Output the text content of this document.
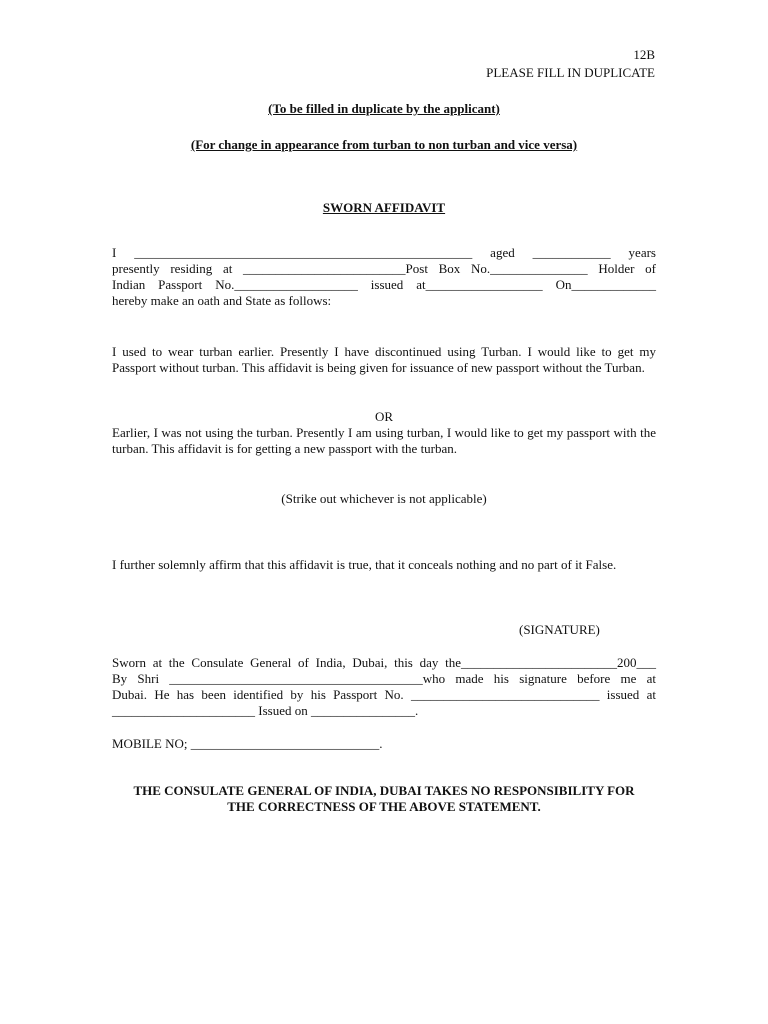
12B
PLEASE FILL IN DUPLICATE
(To be filled in duplicate by the applicant)
(For change in appearance from turban to non turban and vice versa)
SWORN AFFIDAVIT
I ____________________________________________________ aged ____________ years
presently residing at _________________________Post Box No._______________ Holder of
Indian Passport No.___________________ issued at__________________ On_____________
hereby make an oath and State as follows:

I used to wear turban earlier. Presently I have discontinued using Turban. I would like to get my Passport without turban. This affidavit is being given for issuance of new passport without the Turban.

OR

Earlier, I was not using the turban. Presently I am using turban, I would like to get my passport with the turban. This affidavit is for getting a new passport with the turban.

(Strike out whichever is not applicable)

I further solemnly affirm that this affidavit is true, that it conceals nothing and no part of it False.

(SIGNATURE)
Sworn at the Consulate General of India, Dubai, this day the________________________200___
By Shri _______________________________________who made his signature before me at
Dubai. He has been identified by his Passport No. _____________________________ issued at
______________________ Issued on ________________.
MOBILE NO; _____________________________.
THE CONSULATE GENERAL OF INDIA, DUBAI TAKES NO RESPONSIBILITY FOR
THE CORRECTNESS OF THE ABOVE STATEMENT.
